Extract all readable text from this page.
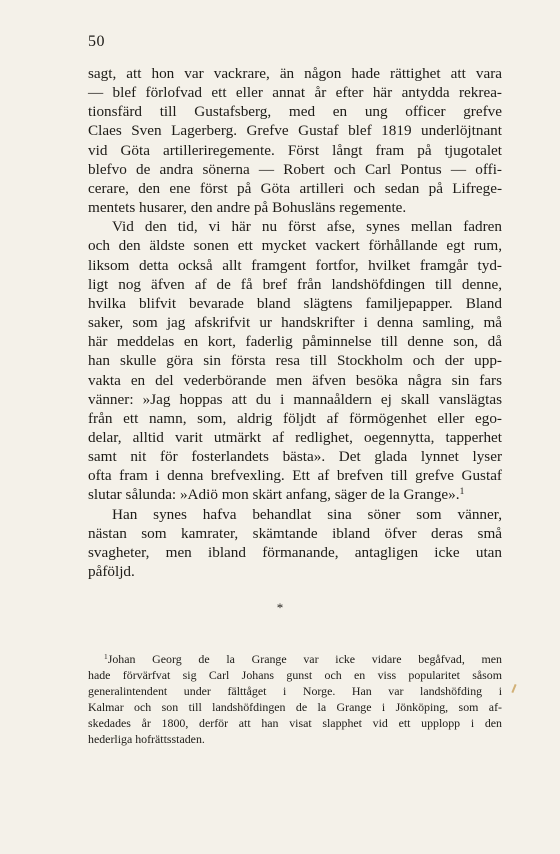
50
sagt, att hon var vackrare, än någon hade rättighet att vara
— blef förlofvad ett eller annat år efter här antydda rekrea-
tionsfärd till Gustafsberg, med en ung officer grefve
Claes Sven Lagerberg. Grefve Gustaf blef 1819 underlöjtnant
vid Göta artilleriregemente. Först långt fram på tjugotalet
blefvo de andra sönerna — Robert och Carl Pontus — offi-
cerare, den ene först på Göta artilleri och sedan på Lifrege-
mentets husarer, den andre på Bohusläns regemente.
Vid den tid, vi här nu först afse, synes mellan fadren
och den äldste sonen ett mycket vackert förhållande egt rum,
liksom detta också allt framgent fortfor, hvilket framgår tyd-
ligt nog äfven af de få bref från landshöfdingen till denne,
hvilka blifvit bevarade bland slägtens familjepapper. Bland
saker, som jag afskrifvit ur handskrifter i denna samling, må
här meddelas en kort, faderlig påminnelse till denne son, då
han skulle göra sin första resa till Stockholm och der upp-
vakta en del vederbörande men äfven besöka några sin fars
vänner: »Jag hoppas att du i mannaåldern ej skall vanslägtas
från ett namn, som, aldrig följdt af förmögenhet eller ego-
delar, alltid varit utmärkt af redlighet, oegennytta, tapperhet
samt nit för fosterlandets bästa». Det glada lynnet lyser
ofta fram i denna brefvexling. Ett af brefven till grefve Gustaf
slutar sålunda: »Adiö mon skärt anfang, säger de la Grange».$^1$
Han synes hafva behandlat sina söner som vänner,
nästan som kamrater, skämtande ibland öfver deras små
svagheter, men ibland förmanande, antagligen icke utan
påföljd.
*
$^1$Johan Georg de la Grange var icke vidare begåfvad, men
hade förvärfvat sig Carl Johans gunst och en viss popularitet såsom
generalintendent under fälttåget i Norge. Han var landshöfding i
Kalmar och son till landshöfdingen de la Grange i Jönköping, som af-
skedades år 1800, derför att han visat slapphet vid ett upplopp i den
hederliga hofrättsstaden.
